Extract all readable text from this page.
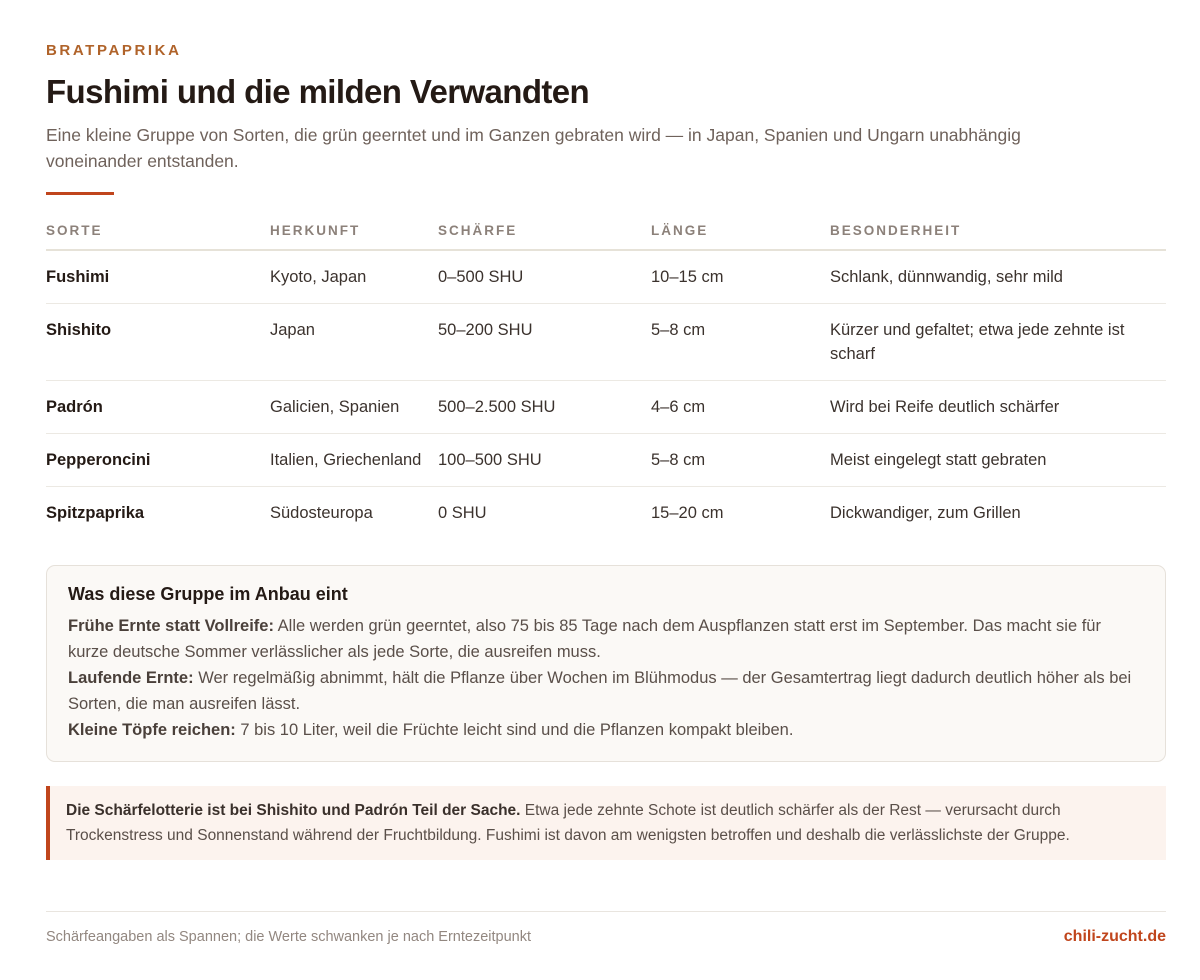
BRATPAPRIKA
Fushimi und die milden Verwandten

Eine kleine Gruppe von Sorten, die grün geerntet und im Ganzen gebraten wird — in Japan, Spanien und Ungarn unabhängig voneinander entstanden.

SORTE	HERKUNFT	SCHÄRFE	LÄNGE	BESONDERHEIT
Fushimi	Kyoto, Japan	0–500 SHU	10–15 cm	Schlank, dünnwandig, sehr mild
Shishito	Japan	50–200 SHU	5–8 cm	Kürzer und gefaltet; etwa jede zehnte ist scharf
Padrón	Galicien, Spanien	500–2.500 SHU	4–6 cm	Wird bei Reife deutlich schärfer
Pepperoncini	Italien, Griechenland	100–500 SHU	5–8 cm	Meist eingelegt statt gebraten
Spitzpaprika	Südosteuropa	0 SHU	15–20 cm	Dickwandiger, zum Grillen
Was diese Gruppe im Anbau eint

Frühe Ernte statt Vollreife: Alle werden grün geerntet, also 75 bis 85 Tage nach dem Auspflanzen statt erst im September. Das macht sie für kurze deutsche Sommer verlässlicher als jede Sorte, die ausreifen muss.

Laufende Ernte: Wer regelmäßig abnimmt, hält die Pflanze über Wochen im Blühmodus — der Gesamtertrag liegt dadurch deutlich höher als bei Sorten, die man ausreifen lässt.

Kleine Töpfe reichen: 7 bis 10 Liter, weil die Früchte leicht sind und die Pflanzen kompakt bleiben.

Die Schärfelotterie ist bei Shishito und Padrón Teil der Sache. Etwa jede zehnte Schote ist deutlich schärfer als der Rest — verursacht durch Trockenstress und Sonnenstand während der Fruchtbildung. Fushimi ist davon am wenigsten betroffen und deshalb die verlässlichste der Gruppe.
Schärfeangaben als Spannen; die Werte schwanken je nach Erntezeitpunkt	chili-zucht.de
